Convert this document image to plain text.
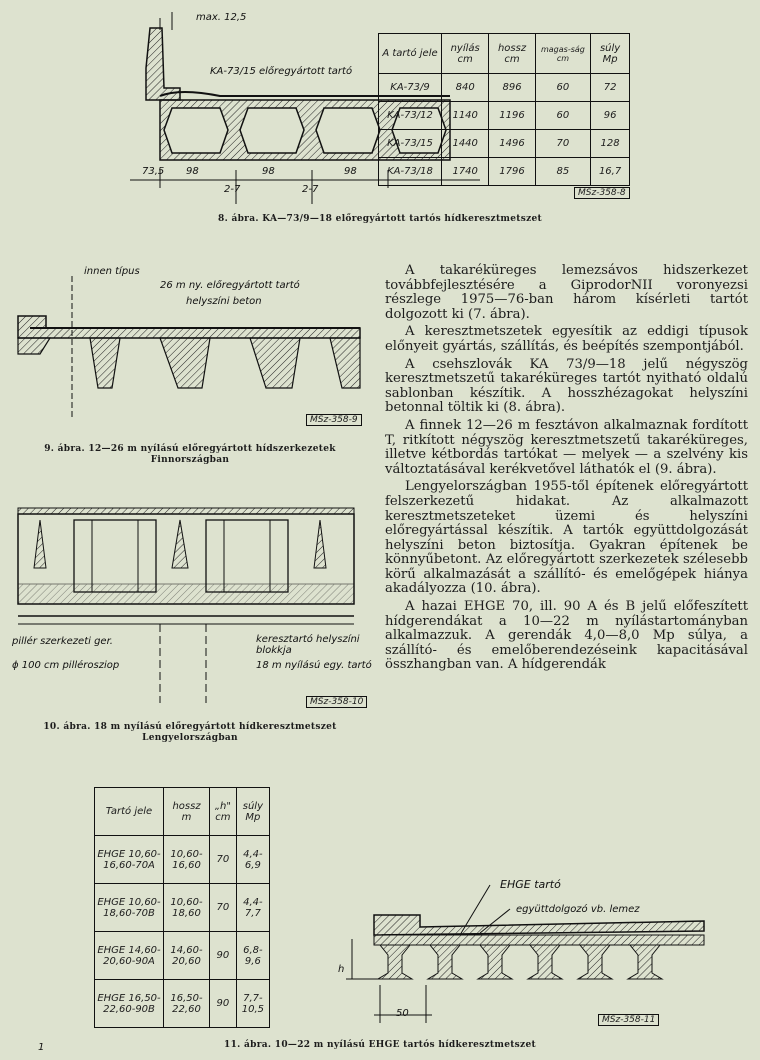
max. 12,5
KA-73/15 előregyártott tartó
73,5 98	98	98
2-7	2-7
A tartó jele	nyílás cm	hossz cm	magas-ság cm	súly Mp
KA-73/9	840	896	60	72
KA-73/12	1140	1196	60	96
KA-73/15	1440	1496	70	128
KA-73/18	1740	1796	85	16,7
MSz-358-8
8. ábra. KA—73/9—18 előregyártott tartós hídkeresztmetszet
innen típus
26 m ny. előregyártott tartó
helyszíni beton
MSz-358-9
9. ábra. 12—26 m nyílású előregyártott hídszerkezetek
Finnországban
pillér szerkezeti ger.
ϕ 100 cm pillérosziop
keresztartó helyszíni blokkja
18 m nyílású egy. tartó
MSz-358-10
10. ábra. 18 m nyílású előregyártott hídkeresztmetszet
Lengyelországban

A takaréküreges lemezsávos hidszerkezet továbbfejlesztésére a GiprodorNII voronyezsi részlege 1975—76-ban három kísérleti tartót dolgozott ki (7. ábra).

A keresztmetszetek egyesítik az eddigi típusok előnyeit gyártás, szállítás, és beépítés szempontjából.

A csehszlovák KA 73/9—18 jelű négyszög keresztmetszetű takaréküreges tartót nyitható oldalú sablonban készítik. A hosszhézagokat helyszíni betonnal töltik ki (8. ábra).

A finnek 12—26 m fesztávon alkalmaznak fordított T, ritkított négyszög keresztmetszetű takaréküreges, illetve kétbordás tartókat — melyek — a szelvény kis változtatásával kerékvetővel láthatók el (9. ábra).

Lengyelországban 1955-től építenek előregyártott felszerkezetű hidakat. Az alkalmazott keresztmetszeteket üzemi és helyszíni előregyártással készítik. A tartók együttdolgozását helyszíni beton biztosítja. Gyakran építenek be könnyűbetont. Az előregyártott szerkezetek szélesebb körű alkalmazását a szállító- és emelőgépek hiánya akadályozza (10. ábra).

A hazai EHGE 70, ill. 90 A és B jelű előfeszített hídgerendákat a 10—22 m nyílástartományban alkalmazzuk. A gerendák 4,0—8,0 Mp súlya, a szállító- és emelőberendezéseink kapacitásával összhangban van. A hídgerendák

Tartó jele	hossz m	„h" cm	súly Mp
EHGE 10,60-16,60-70A	10,60-16,60	70	4,4-6,9
EHGE 10,60-18,60-70B	10,60-18,60	70	4,4-7,7
EHGE 14,60-20,60-90A	14,60-20,60	90	6,8-9,6
EHGE 16,50-22,60-90B	16,50-22,60	90	7,7-10,5
EHGE tartó
együttdolgozó vb. lemez
h
50
MSz-358-11
11. ábra. 10—22 m nyílású EHGE tartós hídkeresztmetszet
1
